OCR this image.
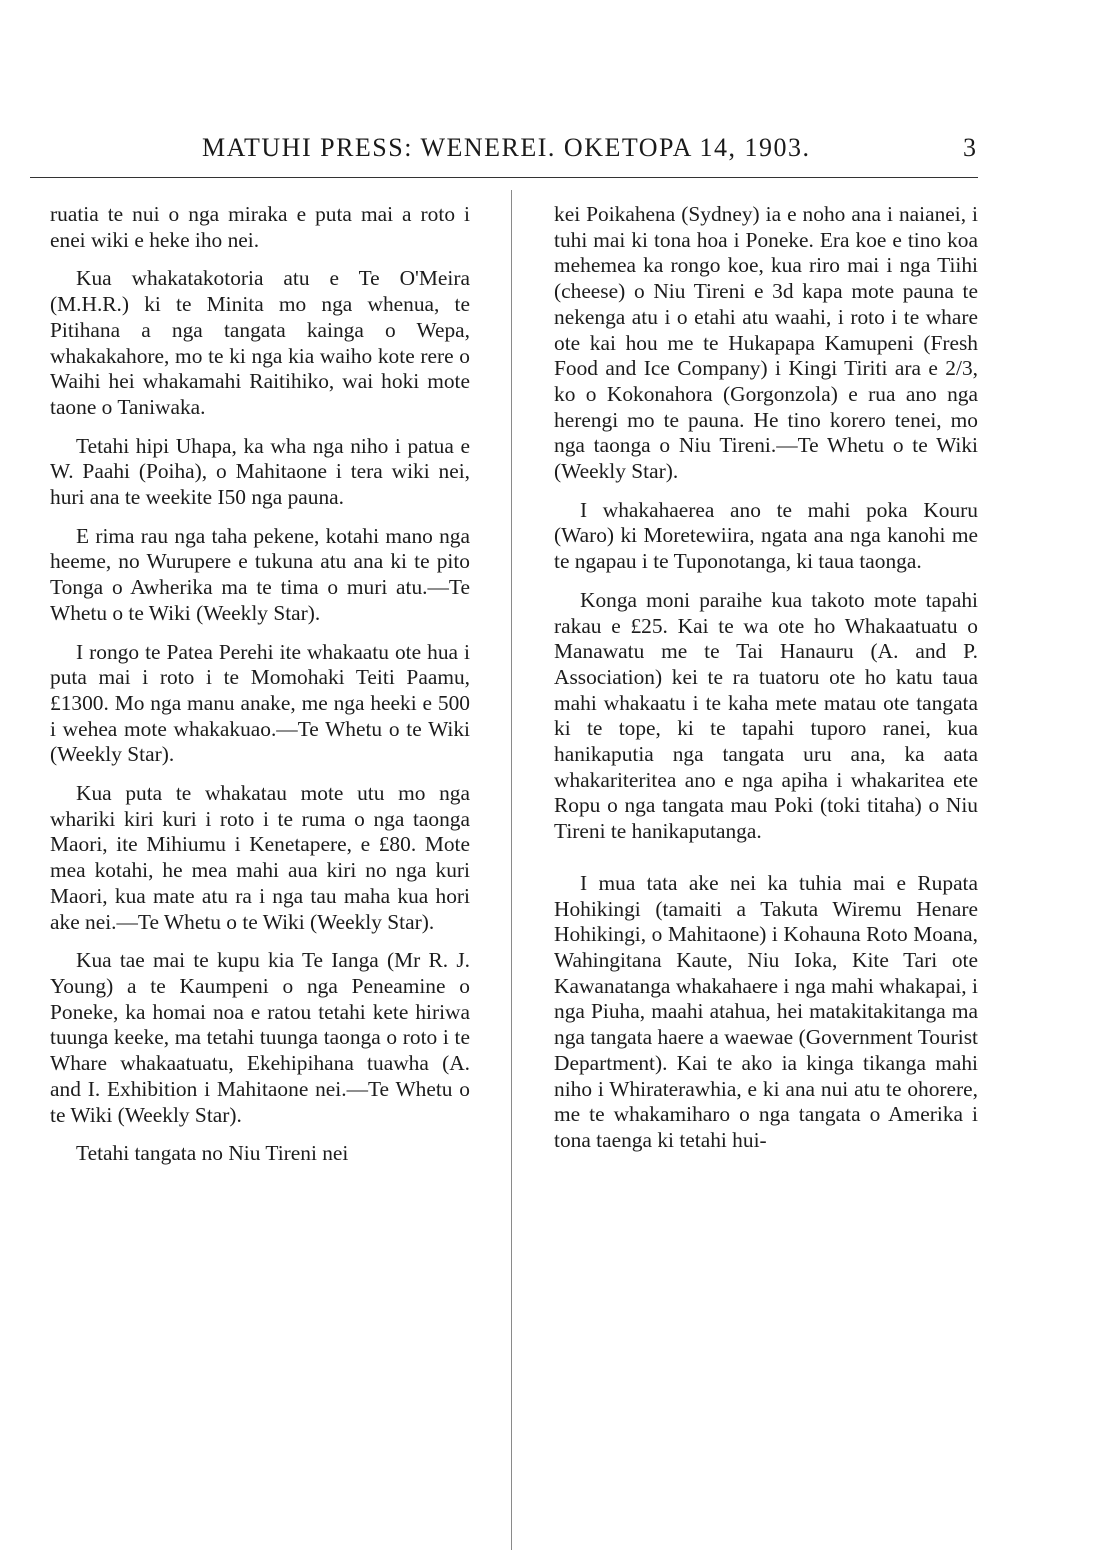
MATUHI PRESS: WENEREI. OKETOPA 14, 1903.	3

ruatia te nui o nga miraka e puta mai a roto i enei wiki e heke iho nei.

Kua whakatakotoria atu e Te O'Meira (M.H.R.) ki te Minita mo nga whenua, te Pitihana a nga tangata kainga o Wepa, whakakahore, mo te ki nga kia waiho kote rere o Waihi hei whakamahi Raitihiko, wai hoki mote taone o Taniwaka.

Tetahi hipi Uhapa, ka wha nga niho i patua e W. Paahi (Poiha), o Mahitaone i tera wiki nei, huri ana te weekite I50 nga pauna.

E rima rau nga taha pekene, kotahi mano nga heeme, no Wurupere e tukuna atu ana ki te pito Tonga o Awherika ma te tima o muri atu.—Te Whetu o te Wiki (Weekly Star).

I rongo te Patea Perehi ite whakaatu ote hua i puta mai i roto i te Momohaki Teiti Paamu, £1300. Mo nga manu anake, me nga heeki e 500 i wehea mote whakakuao.—Te Whetu o te Wiki (Weekly Star).

Kua puta te whakatau mote utu mo nga whariki kiri kuri i roto i te ruma o nga taonga Maori, ite Mihiumu i Kenetapere, e £80. Mote mea kotahi, he mea mahi aua kiri no nga kuri Maori, kua mate atu ra i nga tau maha kua hori ake nei.—Te Whetu o te Wiki (Weekly Star).

Kua tae mai te kupu kia Te Ianga (Mr R. J. Young) a te Kaumpeni o nga Peneamine o Poneke, ka homai noa e ratou tetahi kete hiriwa tuunga keeke, ma tetahi tuunga taonga o roto i te Whare whakaatuatu, Ekehipihana tuawha (A. and I. Exhibition i Mahitaone nei.—Te Whetu o te Wiki (Weekly Star).

Tetahi tangata no Niu Tireni nei

kei Poikahena (Sydney) ia e noho ana i naianei, i tuhi mai ki tona hoa i Poneke. Era koe e tino koa mehemea ka rongo koe, kua riro mai i nga Tiihi (cheese) o Niu Tireni e 3d kapa mote pauna te nekenga atu i o etahi atu waahi, i roto i te whare ote kai hou me te Hukapapa Kamupeni (Fresh Food and Ice Company) i Kingi Tiriti ara e 2/3, ko o Kokonahora (Gorgonzola) e rua ano nga herengi mo te pauna. He tino korero tenei, mo nga taonga o Niu Tireni.—Te Whetu o te Wiki (Weekly Star).

I whakahaerea ano te mahi poka Kouru (Waro) ki Moretewiira, ngata ana nga kanohi me te ngapau i te Tuponotanga, ki taua taonga.

Konga moni paraihe kua takoto mote tapahi rakau e £25. Kai te wa ote ho Whakaatuatu o Manawatu me te Tai Hanauru (A. and P. Association) kei te ra tuatoru ote ho katu taua mahi whakaatu i te kaha mete matau ote tangata ki te tope, ki te tapahi tuporo ranei, kua hanikaputia nga tangata uru ana, ka aata whakariteritea ano e nga apiha i whakaritea ete Ropu o nga tangata mau Poki (toki titaha) o Niu Tireni te hanikaputanga.

I mua tata ake nei ka tuhia mai e Rupata Hohikingi (tamaiti a Takuta Wiremu Henare Hohikingi, o Mahitaone) i Kohauna Roto Moana, Wahingitana Kaute, Niu Ioka, Kite Tari ote Kawanatanga whakahaere i nga mahi whakapai, i nga Piuha, maahi atahua, hei matakitakitanga ma nga tangata haere a waewae (Government Tourist Department). Kai te ako ia kinga tikanga mahi niho i Whiraterawhia, e ki ana nui atu te ohorere, me te whakamiharo o nga tangata o Amerika i tona taenga ki tetahi hui-
